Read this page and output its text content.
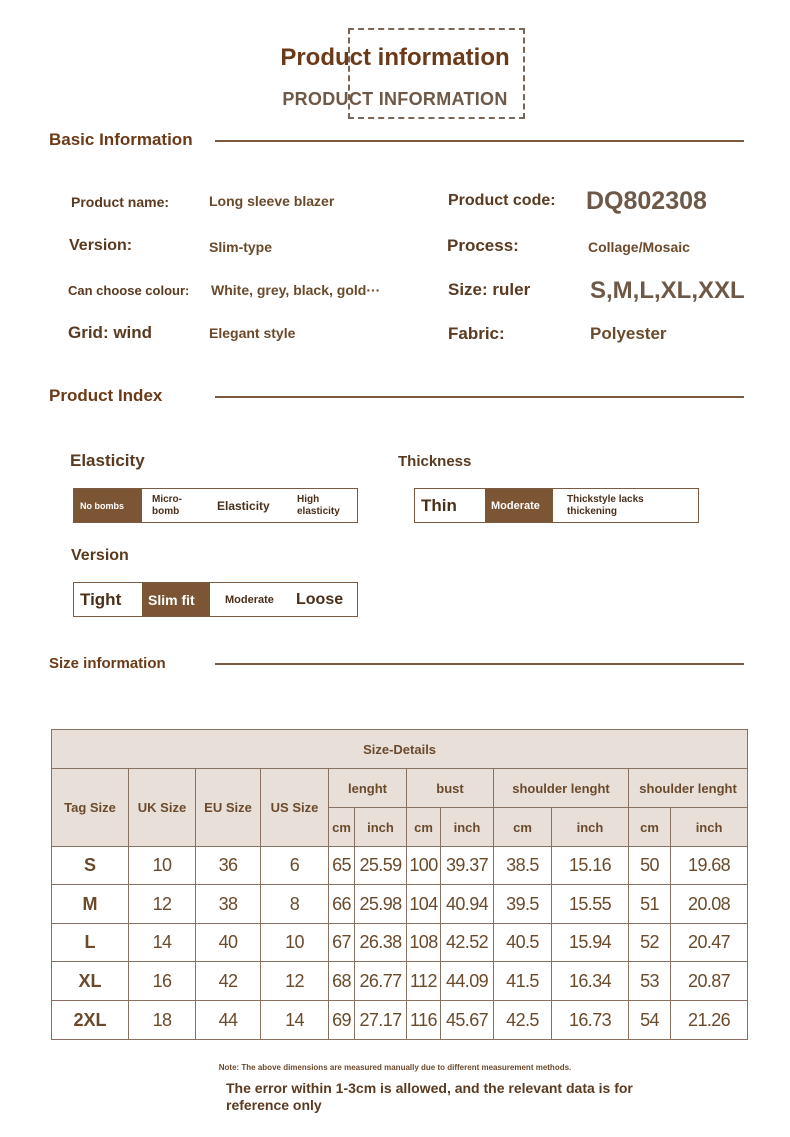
Product information
PRODUCT INFORMATION
Basic Information
Product name:	Long sleeve blazer	Product code: DQ802308
Version:	Slim-type	Process:	Collage/Mosaic
Can choose colour: White, grey, black, gold···	Size: ruler S,M,L,XL,XXL
Grid: wind	Elegant style	Fabric:	Polyester
Product Index
Elasticity
No bombs
Micro-bomb	Elasticity	High elasticity
Thickness
Thin	Moderate
Thickstyle lacks thickening
Version
Tight	Slim fit	Moderate	Loose
Size information
Size-Details											
Tag Size	UK Size	EU Size	US Size	lenght		bust		shoulder lenght		shoulder lenght	
				cm	inch	cm	inch	cm	inch	cm	inch
S	10	36	6	65	25.59	100	39.37	38.5	15.16	50	19.68
M	12	38	8	66	25.98	104	40.94	39.5	15.55	51	20.08
L	14	40	10	67	26.38	108	42.52	40.5	15.94	52	20.47
XL	16	42	12	68	26.77	112	44.09	41.5	16.34	53	20.87
2XL	18	44	14	69	27.17	116	45.67	42.5	16.73	54	21.26
Note: The above dimensions are measured manually due to different measurement methods.
The error within 1-3cm is allowed, and the relevant data is for reference only
